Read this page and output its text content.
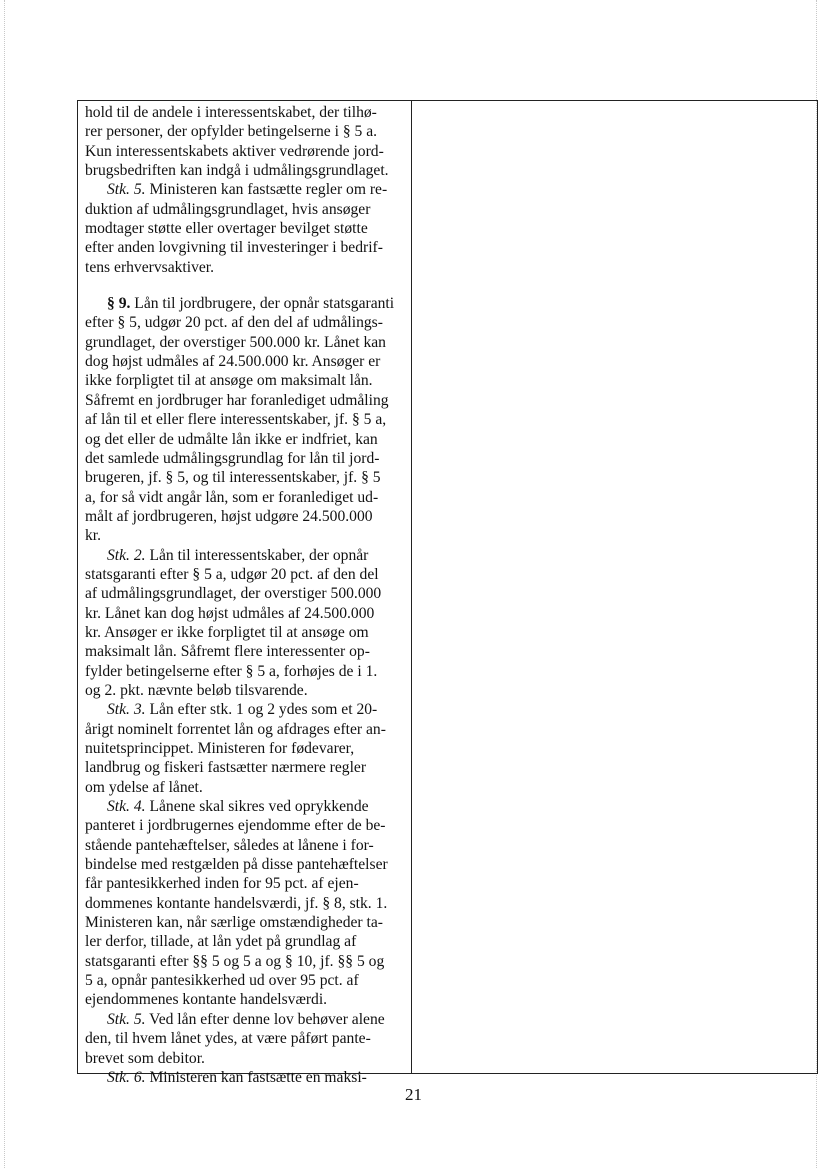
hold til de andele i interessentskabet, der tilhø-
rer personer, der opfylder betingelserne i § 5 a.
Kun interessentskabets aktiver vedrørende jord-
brugsbedriften kan indgå i udmålingsgrundlaget.
Stk. 5. Ministeren kan fastsætte regler om re-
duktion af udmålingsgrundlaget, hvis ansøger
modtager støtte eller overtager bevilget støtte
efter anden lovgivning til investeringer i bedrif-
tens erhvervsaktiver.
§ 9. Lån til jordbrugere, der opnår statsgaranti
efter § 5, udgør 20 pct. af den del af udmålings-
grundlaget, der overstiger 500.000 kr. Lånet kan
dog højst udmåles af 24.500.000 kr. Ansøger er
ikke forpligtet til at ansøge om maksimalt lån.
Såfremt en jordbruger har foranlediget udmåling
af lån til et eller flere interessentskaber, jf. § 5 a,
og det eller de udmålte lån ikke er indfriet, kan
det samlede udmålingsgrundlag for lån til jord-
brugeren, jf. § 5, og til interessentskaber, jf. § 5
a, for så vidt angår lån, som er foranlediget ud-
målt af jordbrugeren, højst udgøre 24.500.000
kr.
Stk. 2. Lån til interessentskaber, der opnår
statsgaranti efter § 5 a, udgør 20 pct. af den del
af udmålingsgrundlaget, der overstiger 500.000
kr. Lånet kan dog højst udmåles af 24.500.000
kr. Ansøger er ikke forpligtet til at ansøge om
maksimalt lån. Såfremt flere interessenter op-
fylder betingelserne efter § 5 a, forhøjes de i 1.
og 2. pkt. nævnte beløb tilsvarende.
Stk. 3. Lån efter stk. 1 og 2 ydes som et 20-
årigt nominelt forrentet lån og afdrages efter an-
nuitetsprincippet. Ministeren for fødevarer,
landbrug og fiskeri fastsætter nærmere regler
om ydelse af lånet.
Stk. 4. Lånene skal sikres ved oprykkende
panteret i jordbrugernes ejendomme efter de be-
stående pantehæftelser, således at lånene i for-
bindelse med restgælden på disse pantehæftelser
får pantesikkerhed inden for 95 pct. af ejen-
dommenes kontante handelsværdi, jf. § 8, stk. 1.
Ministeren kan, når særlige omstændigheder ta-
ler derfor, tillade, at lån ydet på grundlag af
statsgaranti efter §§ 5 og 5 a og § 10, jf. §§ 5 og
5 a, opnår pantesikkerhed ud over 95 pct. af
ejendommenes kontante handelsværdi.
Stk. 5. Ved lån efter denne lov behøver alene
den, til hvem lånet ydes, at være påført pante-
brevet som debitor.
Stk. 6. Ministeren kan fastsætte en maksi-
21
